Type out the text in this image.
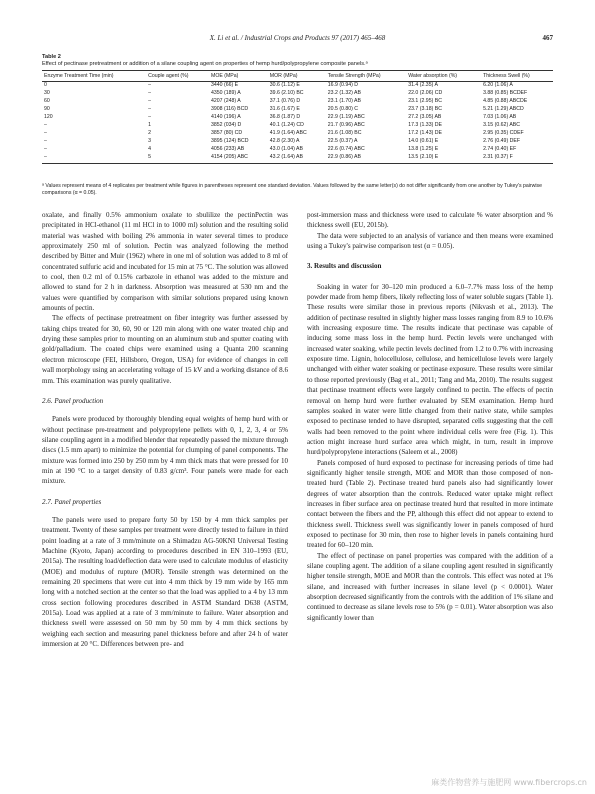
X. Li et al. / Industrial Crops and Products 97 (2017) 465–468	467
Table 2
Effect of pectinase pretreatment or addition of a silane coupling agent on properties of hemp hurd/polypropylene composite panels.ᵃ
Enzyme Treatment Time (min)	Couple agent (%)	MOE (MPa)	MOR (MPa)	Tensile Strength (MPa)	Water absorption (%)	Thickness Swell (%)
0	–	3440 (66) E	30.6 (1.12) E	16.9 (0.94) D	31.4 (2.35) A	6.20 (1.06) A
30	–	4350 (189) A	39.6 (2.10) BC	23.2 (1.32) AB	22.0 (2.06) CD	3.88 (0.85) BCDEF
60	–	4207 (248) A	37.1 (0.76) D	23.1 (1.70) AB	23.1 (2.95) BC	4.85 (0.88) ABCDE
90	–	3908 (116) BCD	31.6 (1.67) E	20.5 (0.80) C	23.7 (3.18) BC	5.21 (1.29) ABCD
120	–	4140 (196) A	36.8 (1.87) D	22.9 (1.19) ABC	27.2 (3.05) AB	7.03 (1.06) AB
–	1	3852 (034) D	40.1 (1.24) CD	21.7 (0.96) ABC	17.3 (1.33) DE	3.15 (0.62) ABC
–	2	3857 (80) CD	41.9 (1.64) ABC	21.6 (1.08) BC	17.2 (1.43) DE	2.95 (0.35) CDEF
–	3	3895 (124) BCD	42.8 (2.30) A	22.5 (0.37) A	14.0 (0.61) E	2.76 (0.49) DEF
–	4	4056 (233) AB	43.0 (1.04) AB	22.6 (0.74) ABC	13.8 (1.25) E	2.74 (0.40) EF
–	5	4154 (205) ABC	43.2 (1.64) AB	22.9 (0.86) AB	13.5 (2.10) E	2.31 (0.37) F
ᵃ Values represent means of 4 replicates per treatment while figures in parentheses represent one standard deviation. Values followed by the same letter(s) do not differ significantly from one another by Tukey's pairwise comparisons (α = 0.05).

oxalate, and finally 0.5% ammonium oxalate to sbulilize the pectinPectin was precipitated in HCl-ethanol (11 ml HCl in to 1000 ml) solution and the resulting solid material was washed with boiling 2% ammonia in water several times to produce approximately 250 ml of solution. Pectin was analyzed following the method described by Bitter and Muir (1962) where in one ml of solution was added to 8 ml of concentrated sulfuric acid and incubated for 15 min at 75 °C. The solution was allowed to cool, then 0.2 ml of 0.15% carbazole in ethanol was added to the mixture and allowed to stand for 2 h in darkness. Absorption was measured at 530 nm and the values were quantified by comparison with similar solutions prepared using known amounts of pectin.

The effects of pectinase pretreatment on fiber integrity was further assessed by taking chips treated for 30, 60, 90 or 120 min along with one water treated chip and drying these samples prior to mounting on an aluminum stub and sputter coating with gold/palladium. The coated chips were examined using a Quanta 200 scanning electron microscope (FEI, Hillsboro, Oregon, USA) for evidence of changes in cell wall morphology using an accelerating voltage of 15 kV and a working distance of 8.6 mm. This examination was purely qualitative.

2.6. Panel production

Panels were produced by thoroughly blending equal weights of hemp hurd with or without pectinase pre-treatment and polypropylene pellets with 0, 1, 2, 3, 4 or 5% silane coupling agent in a modified blender that repeatedly passed the mixture through discs (1.5 mm apart) to minimize the potential for clumping of panel components. The mixture was formed into 250 by 250 mm by 4 mm thick mats that were pressed for 10 min at 190 °C to a target density of 0.83 g/cm³. Four panels were made for each mixture.

2.7. Panel properties

The panels were used to prepare forty 50 by 150 by 4 mm thick samples per treatment. Twenty of these samples per treatment were directly tested to failure in third point loading at a rate of 3 mm/minute on a Shimadzu AG-50KNI Universal Testing Machine (Kyoto, Japan) according to procedures described in EN 310–1993 (EU, 2015a). The resulting load/deflection data were used to calculate modulus of elasticity (MOE) and modulus of rupture (MOR). Tensile strength was determined on the remaining 20 specimens that were cut into 4 mm thick by 19 mm wide by 165 mm long with a notched section at the center so that the load was applied to a 4 by 13 mm cross section following procedures described in ASTM Standard D638 (ASTM, 2015a). Load was applied at a rate of 3 mm/minute to failure. Water absorption and thickness swell were assessed on 50 mm by 50 mm by 4 mm thick sections by weighing each section and measuring panel thickness before and after 24 h of water immersion at 20 °C. Differences between pre- and

post-immersion mass and thickness were used to calculate % water absorption and % thickness swell (EU, 2015b).

The data were subjected to an analysis of variance and then means were examined using a Tukey's pairwise comparison test (α = 0.05).

3. Results and discussion

Soaking in water for 30–120 min produced a 6.0–7.7% mass loss of the hemp powder made from hemp fibers, likely reflecting loss of water soluble sugars (Table 1). These results were similar those in previous reports (Nikvash et al., 2013). The addition of pectinase resulted in slightly higher mass losses ranging from 8.9 to 10.6% with increasing exposure time. The results indicate that pectinase was capable of inducing some mass loss in the hemp hurd. Pectin levels were unchanged with increased water soaking, while pectin levels declined from 1.2 to 0.7% with increasing exposure time. Lignin, holocellulose, cellulose, and hemicellulose levels were largely unchanged with either water soaking or pectinase exposure. These results were similar to those reported previously (Bag et al., 2011; Tang and Ma, 2010). The results suggest that pectinase treatment effects were largely confined to pectin. The effects of pectin removal on hemp hurd were further evaluated by SEM examination. Hemp hurd samples soaked in water were little changed from their native state, while samples exposed to pectinase tended to have disrupted, separated cells suggesting that the cell walls had been removed to the point where individual cells were free (Fig. 1). This action might increase hurd surface area which might, in turn, result in improve hurd/polypropylene interactions (Saleem et al., 2008)

Panels composed of hurd exposed to pectinase for increasing periods of time had significantly higher tensile strength, MOE and MOR than those composed of non-treated hurd (Table 2). Pectinase treated hurd panels also had significantly lower degrees of water absorption than the controls. Reduced water uptake might reflect increases in fiber surface area on pectinase treated hurd that resulted in more intimate contact between the fibers and the PP, although this effect did not appear to extend to thickness swell. Thickness swell was significantly lower in panels composed of hurd exposed to pectinase for 30 min, then rose to higher levels in panels containing hurd treated for 60–120 min.

The effect of pectinase on panel properties was compared with the addition of a silane coupling agent. The addition of a silane coupling agent resulted in significantly higher tensile strength, MOE and MOR than the controls. This effect was noted at 1% silane, and increased with further increases in silane level (p < 0.0001). Water absorption decreased significantly from the controls with the addition of 1% silane and continued to decrease as silane levels rose to 5% (p = 0.01). Water absorption was also significantly lower than

麻类作物营养与施肥网 www.fibercrops.cn
